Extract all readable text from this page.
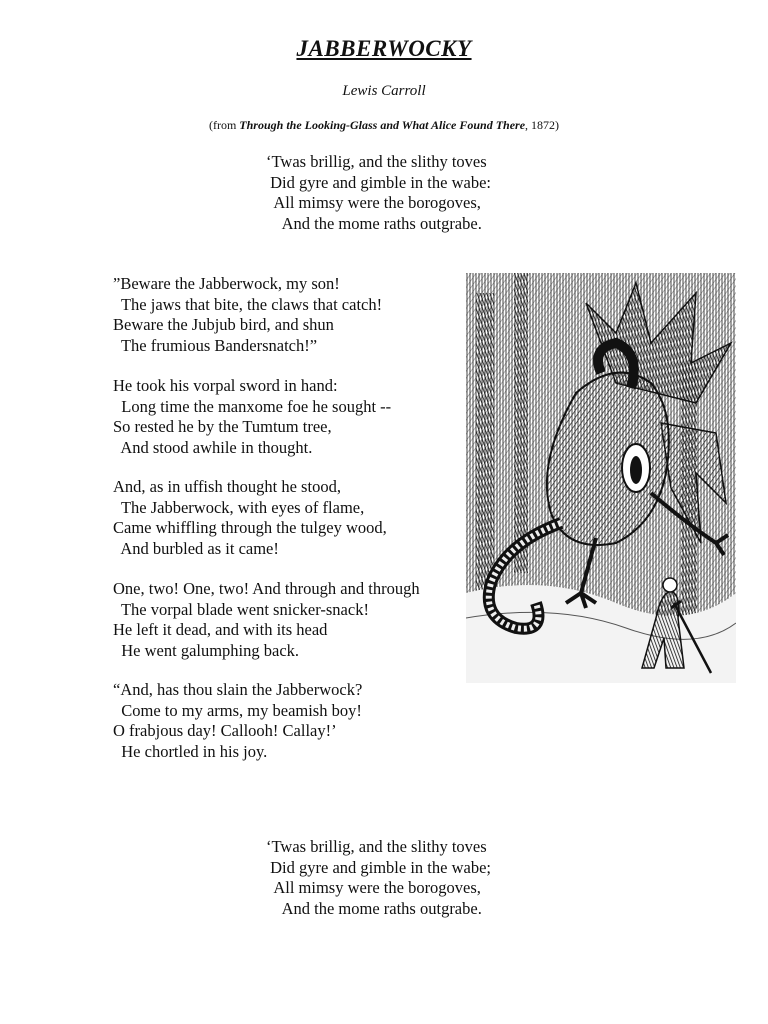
JABBERWOCKY
Lewis Carroll
(from Through the Looking-Glass and What Alice Found There, 1872)
‘Twas brillig, and the slithy toves
Did gyre and gimble in the wabe:
All mimsy were the borogoves,
And the mome raths outgrabe.
”Beware the Jabberwock, my son!
The jaws that bite, the claws that catch!
Beware the Jubjub bird, and shun
The frumious Bandersnatch!”
He took his vorpal sword in hand:
Long time the manxome foe he sought --
So rested he by the Tumtum tree,
And stood awhile in thought.
And, as in uffish thought he stood,
The Jabberwock, with eyes of flame,
Came whiffling through the tulgey wood,
And burbled as it came!
One, two! One, two! And through and through
The vorpal blade went snicker-snack!
He left it dead, and with its head
He went galumphing back.
“And, has thou slain the Jabberwock?
Come to my arms, my beamish boy!
O frabjous day! Callooh! Callay!’
He chortled in his joy.
‘Twas brillig, and the slithy toves
Did gyre and gimble in the wabe;
All mimsy were the borogoves,
And the mome raths outgrabe.
